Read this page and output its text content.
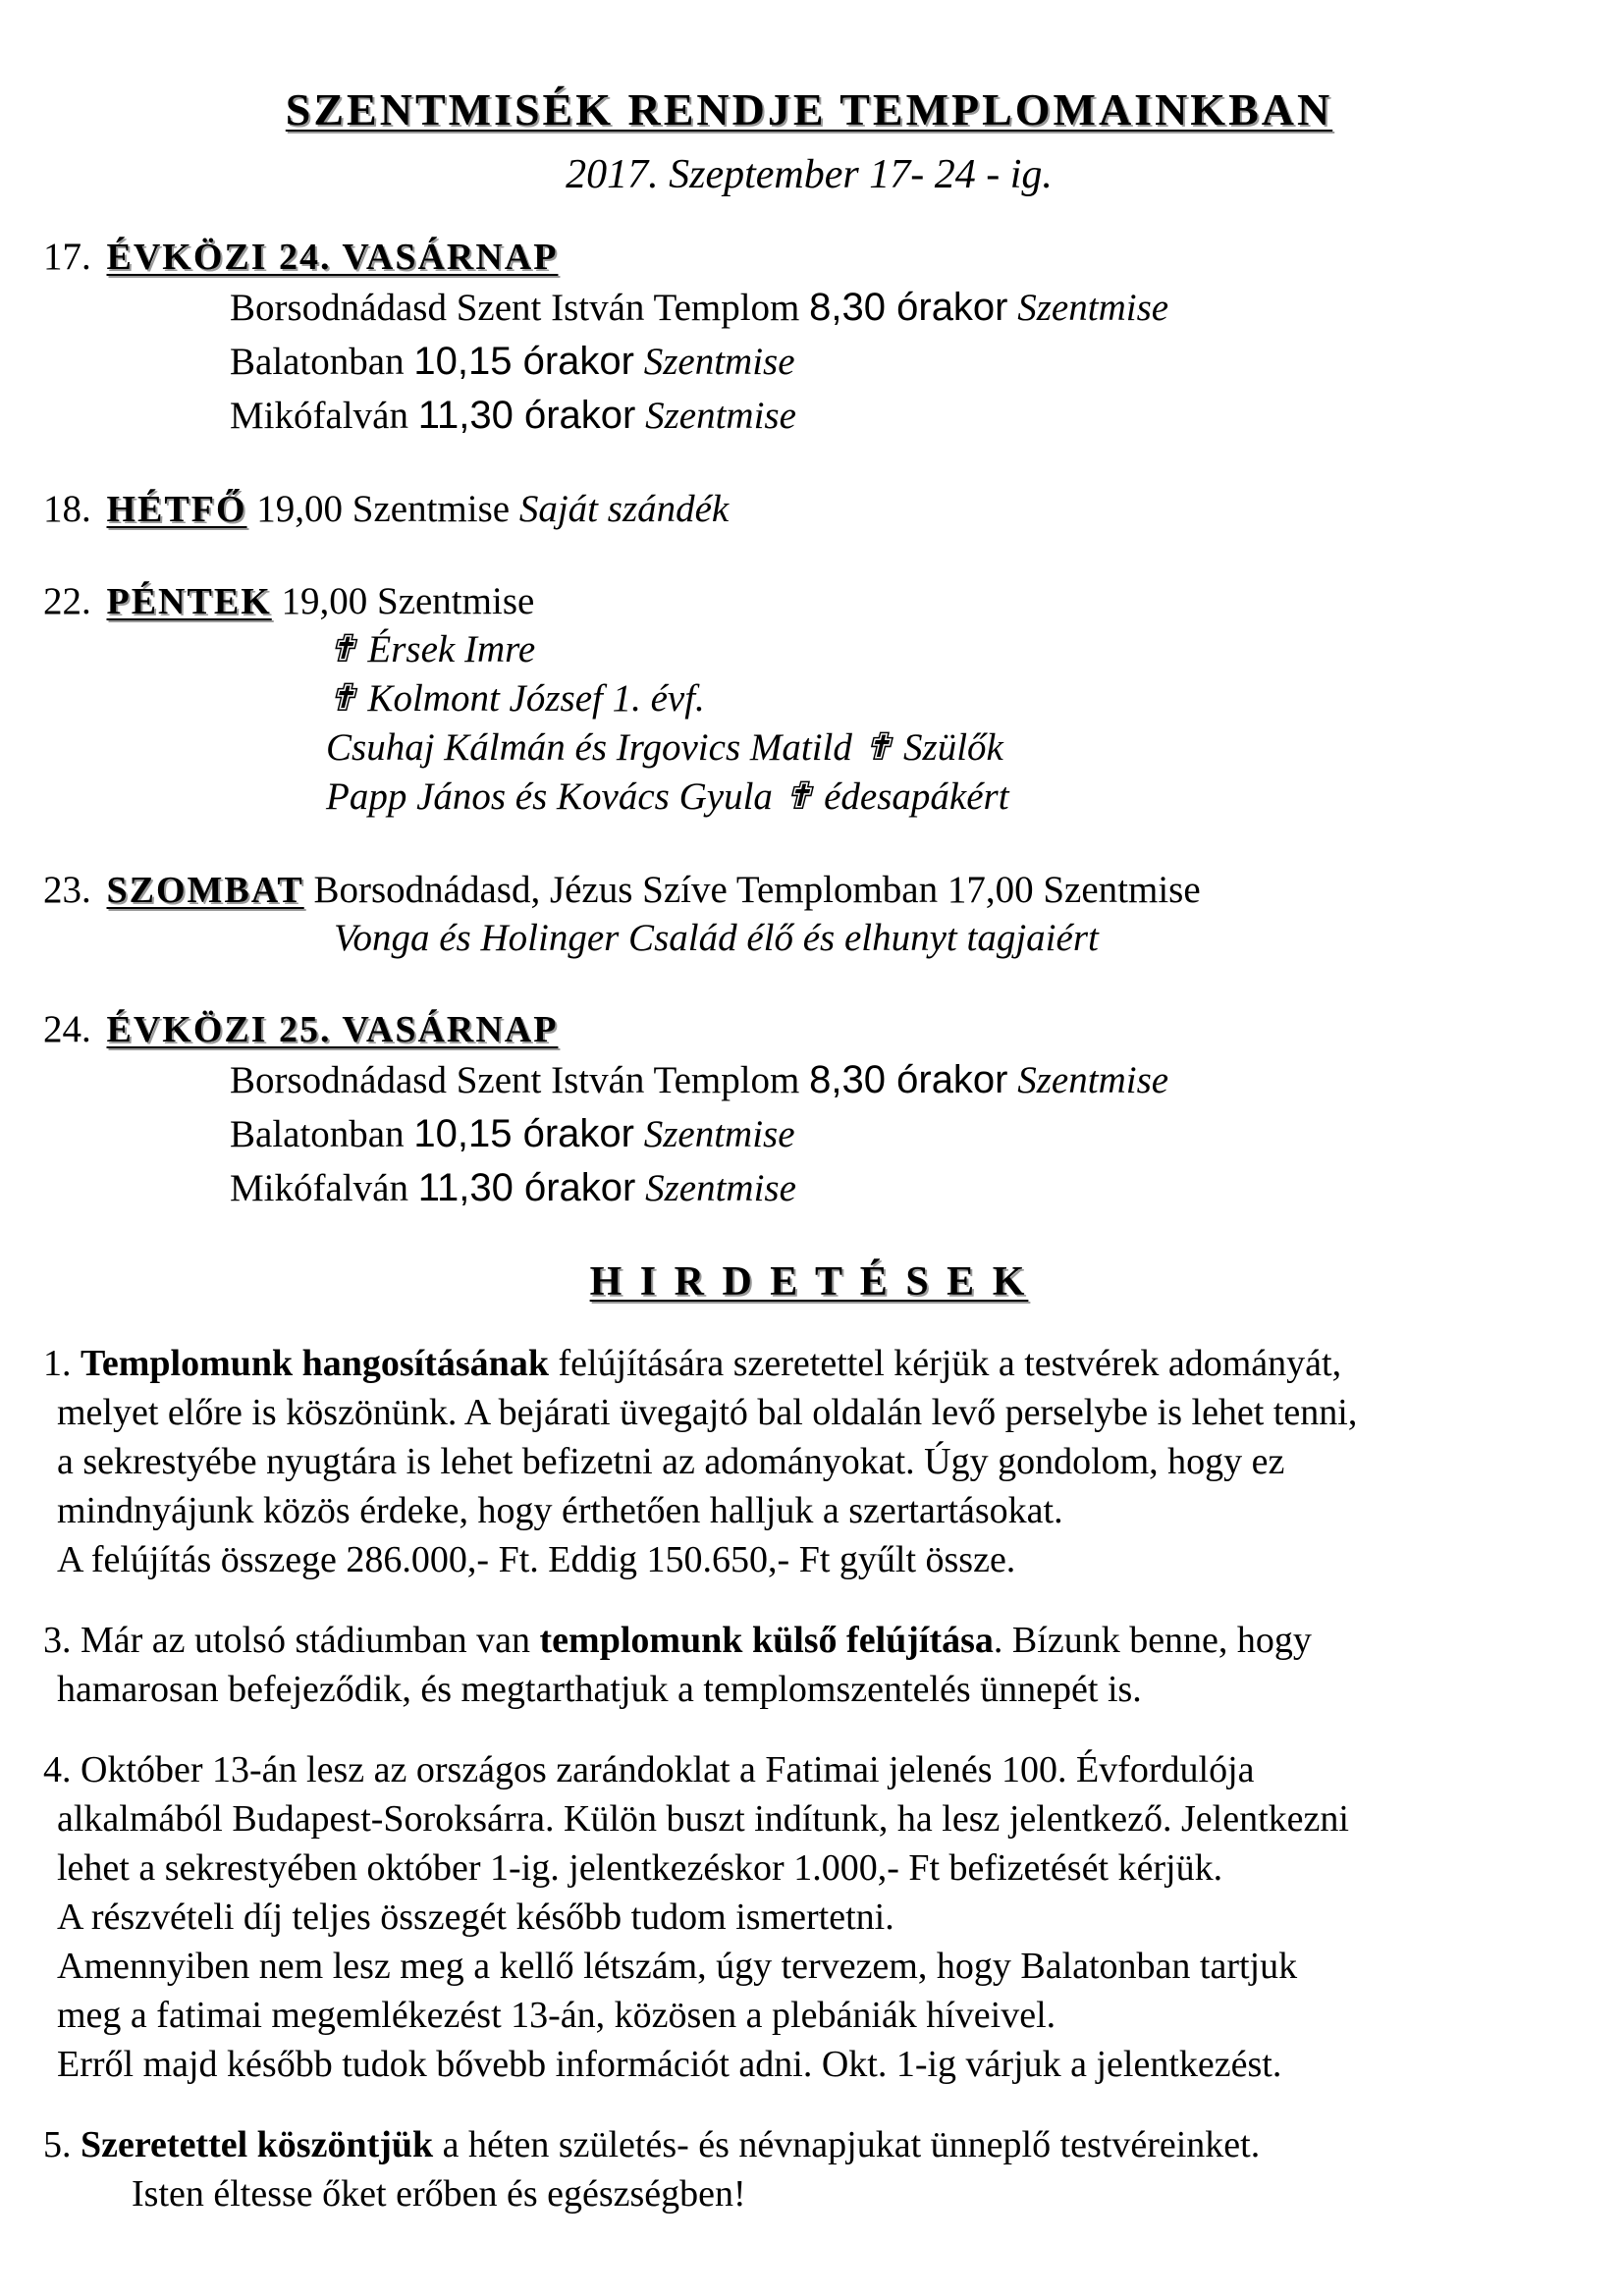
SZENTMISÉK RENDJE TEMPLOMAINKBAN
2017. Szeptember 17- 24 - ig.
17. ÉVKÖZI 24. VASÁRNAP
Borsodnádasd Szent István Templom 8,30 órakor Szentmise
Balatonban 10,15 órakor Szentmise
Mikófalván 11,30 órakor Szentmise
18. HÉTFŐ 19,00 Szentmise Saját szándék
22. PÉNTEK 19,00 Szentmise
✟ Érsek Imre
✟ Kolmont József 1. évf.
Csuhaj Kálmán és Irgovics Matild ✟ Szülők
Papp János és Kovács Gyula ✟ édesapákért
23. SZOMBAT Borsodnádasd, Jézus Szíve Templomban 17,00 Szentmise
Vonga és Holinger Család élő és elhunyt tagjaiért
24. ÉVKÖZI 25. VASÁRNAP
Borsodnádasd Szent István Templom 8,30 órakor Szentmise
Balatonban 10,15 órakor Szentmise
Mikófalván 11,30 órakor Szentmise
H I R D E T É S E K
1. Templomunk hangosításának felújítására szeretettel kérjük a testvérek adományát,
melyet előre is köszönünk. A bejárati üvegajtó bal oldalán levő perselybe is lehet tenni,
a sekrestyébe nyugtára is lehet befizetni az adományokat. Úgy gondolom, hogy ez
mindnyájunk közös érdeke, hogy érthetően halljuk a szertartásokat.
A felújítás összege 286.000,- Ft. Eddig 150.650,- Ft gyűlt össze.
3. Már az utolsó stádiumban van templomunk külső felújítása. Bízunk benne, hogy
hamarosan befejeződik, és megtarthatjuk a templomszentelés ünnepét is.
4. Október 13-án lesz az országos zarándoklat a Fatimai jelenés 100. Évfordulója
alkalmából Budapest-Soroksárra. Külön buszt indítunk, ha lesz jelentkező. Jelentkezni
lehet a sekrestyében október 1-ig. jelentkezéskor 1.000,- Ft befizetését kérjük.
A részvételi díj teljes összegét később tudom ismertetni.
Amennyiben nem lesz meg a kellő létszám, úgy tervezem, hogy Balatonban tartjuk
meg a fatimai megemlékezést 13-án, közösen a plebániák híveivel.
Erről majd később tudok bővebb információt adni. Okt. 1-ig várjuk a jelentkezést.
5. Szeretettel köszöntjük a héten születés- és névnapjukat ünneplő testvéreinket.
Isten éltesse őket erőben és egészségben!
